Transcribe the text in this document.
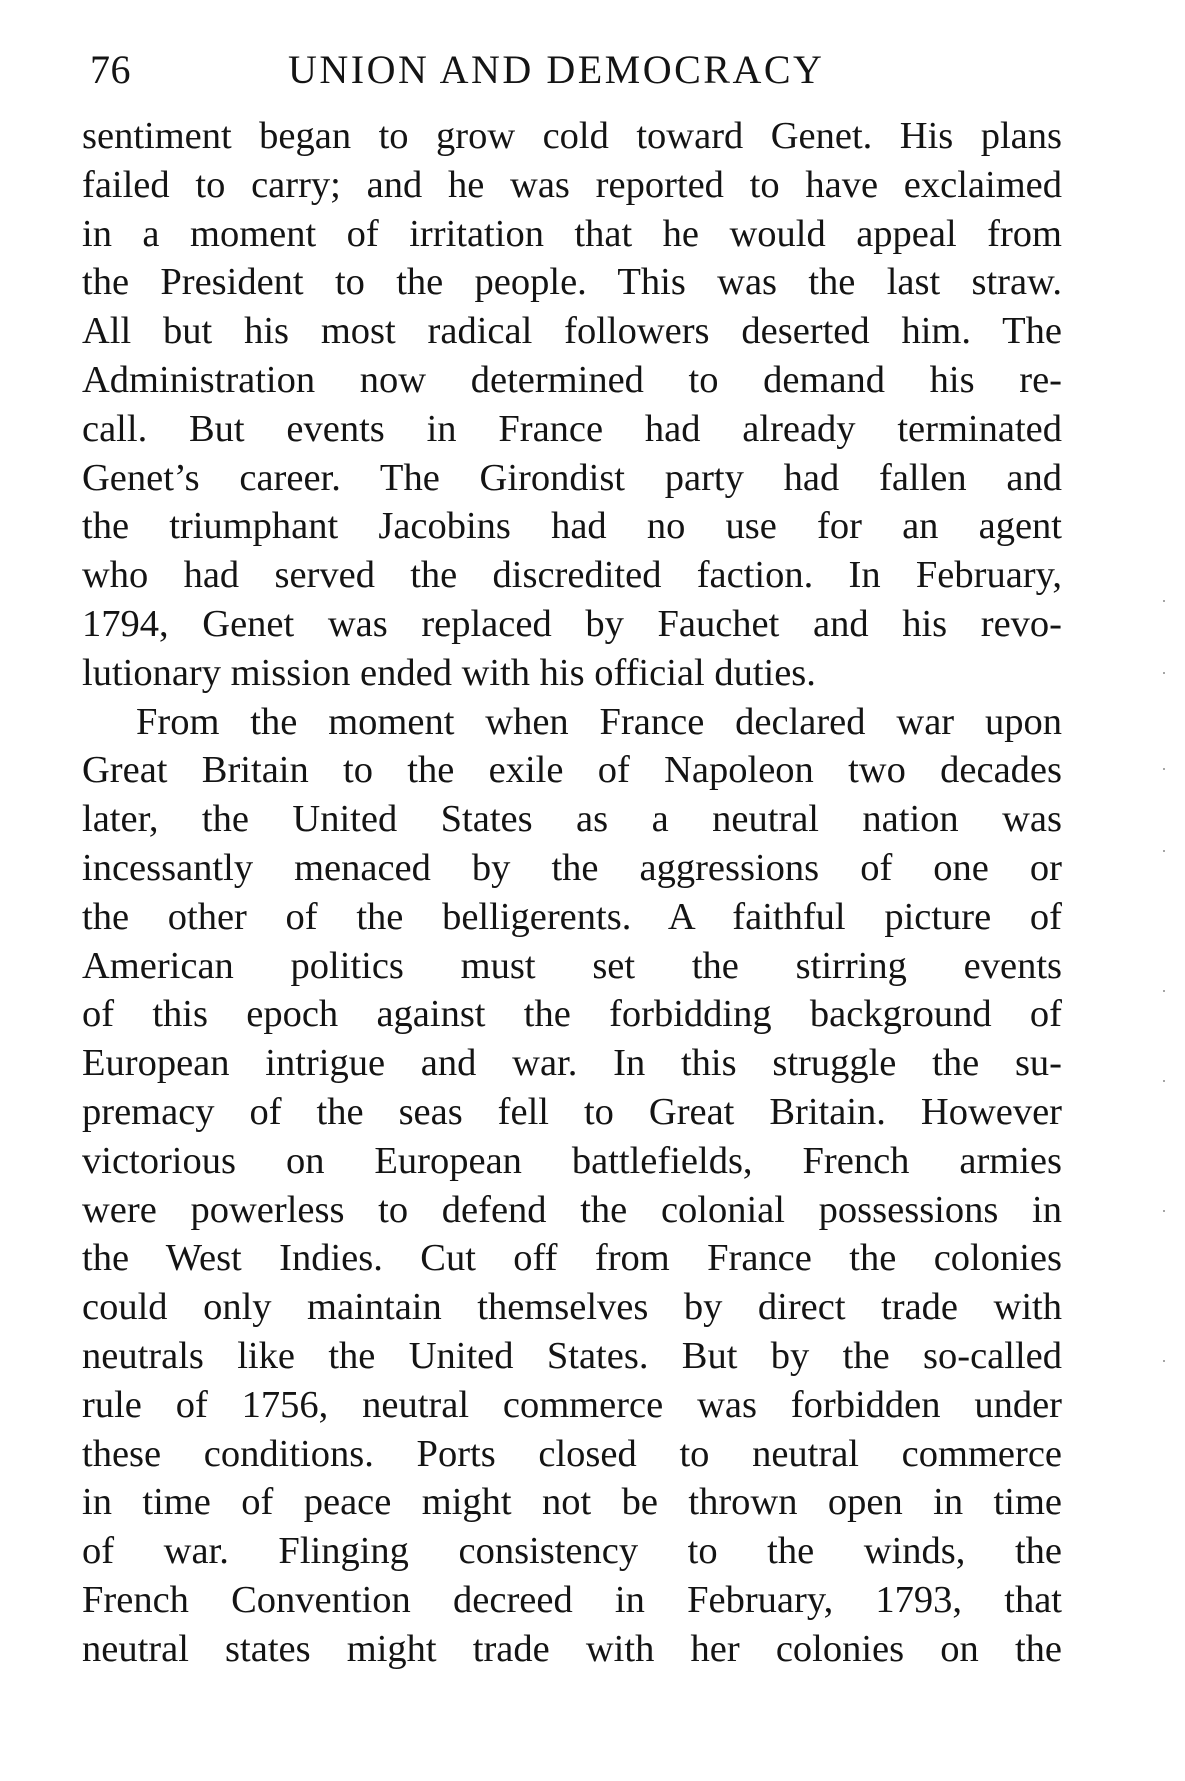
76	UNION AND DEMOCRACY
sentiment began to grow cold toward Genet. His plans
failed to carry; and he was reported to have exclaimed
in a moment of irritation that he would appeal from
the President to the people. This was the last straw.
All but his most radical followers deserted him. The
Administration now determined to demand his re-
call. But events in France had already terminated
Genet’s career. The Girondist party had fallen and
the triumphant Jacobins had no use for an agent
who had served the discredited faction. In February,
1794, Genet was replaced by Fauchet and his revo-
lutionary mission ended with his official duties.
From the moment when France declared war upon
Great Britain to the exile of Napoleon two decades
later, the United States as a neutral nation was
incessantly menaced by the aggressions of one or
the other of the belligerents. A faithful picture of
American politics must set the stirring events
of this epoch against the forbidding background of
European intrigue and war. In this struggle the su-
premacy of the seas fell to Great Britain. However
victorious on European battlefields, French armies
were powerless to defend the colonial possessions in
the West Indies. Cut off from France the colonies
could only maintain themselves by direct trade with
neutrals like the United States. But by the so-called
rule of 1756, neutral commerce was forbidden under
these conditions. Ports closed to neutral commerce
in time of peace might not be thrown open in time
of war. Flinging consistency to the winds, the
French Convention decreed in February, 1793, that
neutral states might trade with her colonies on the
